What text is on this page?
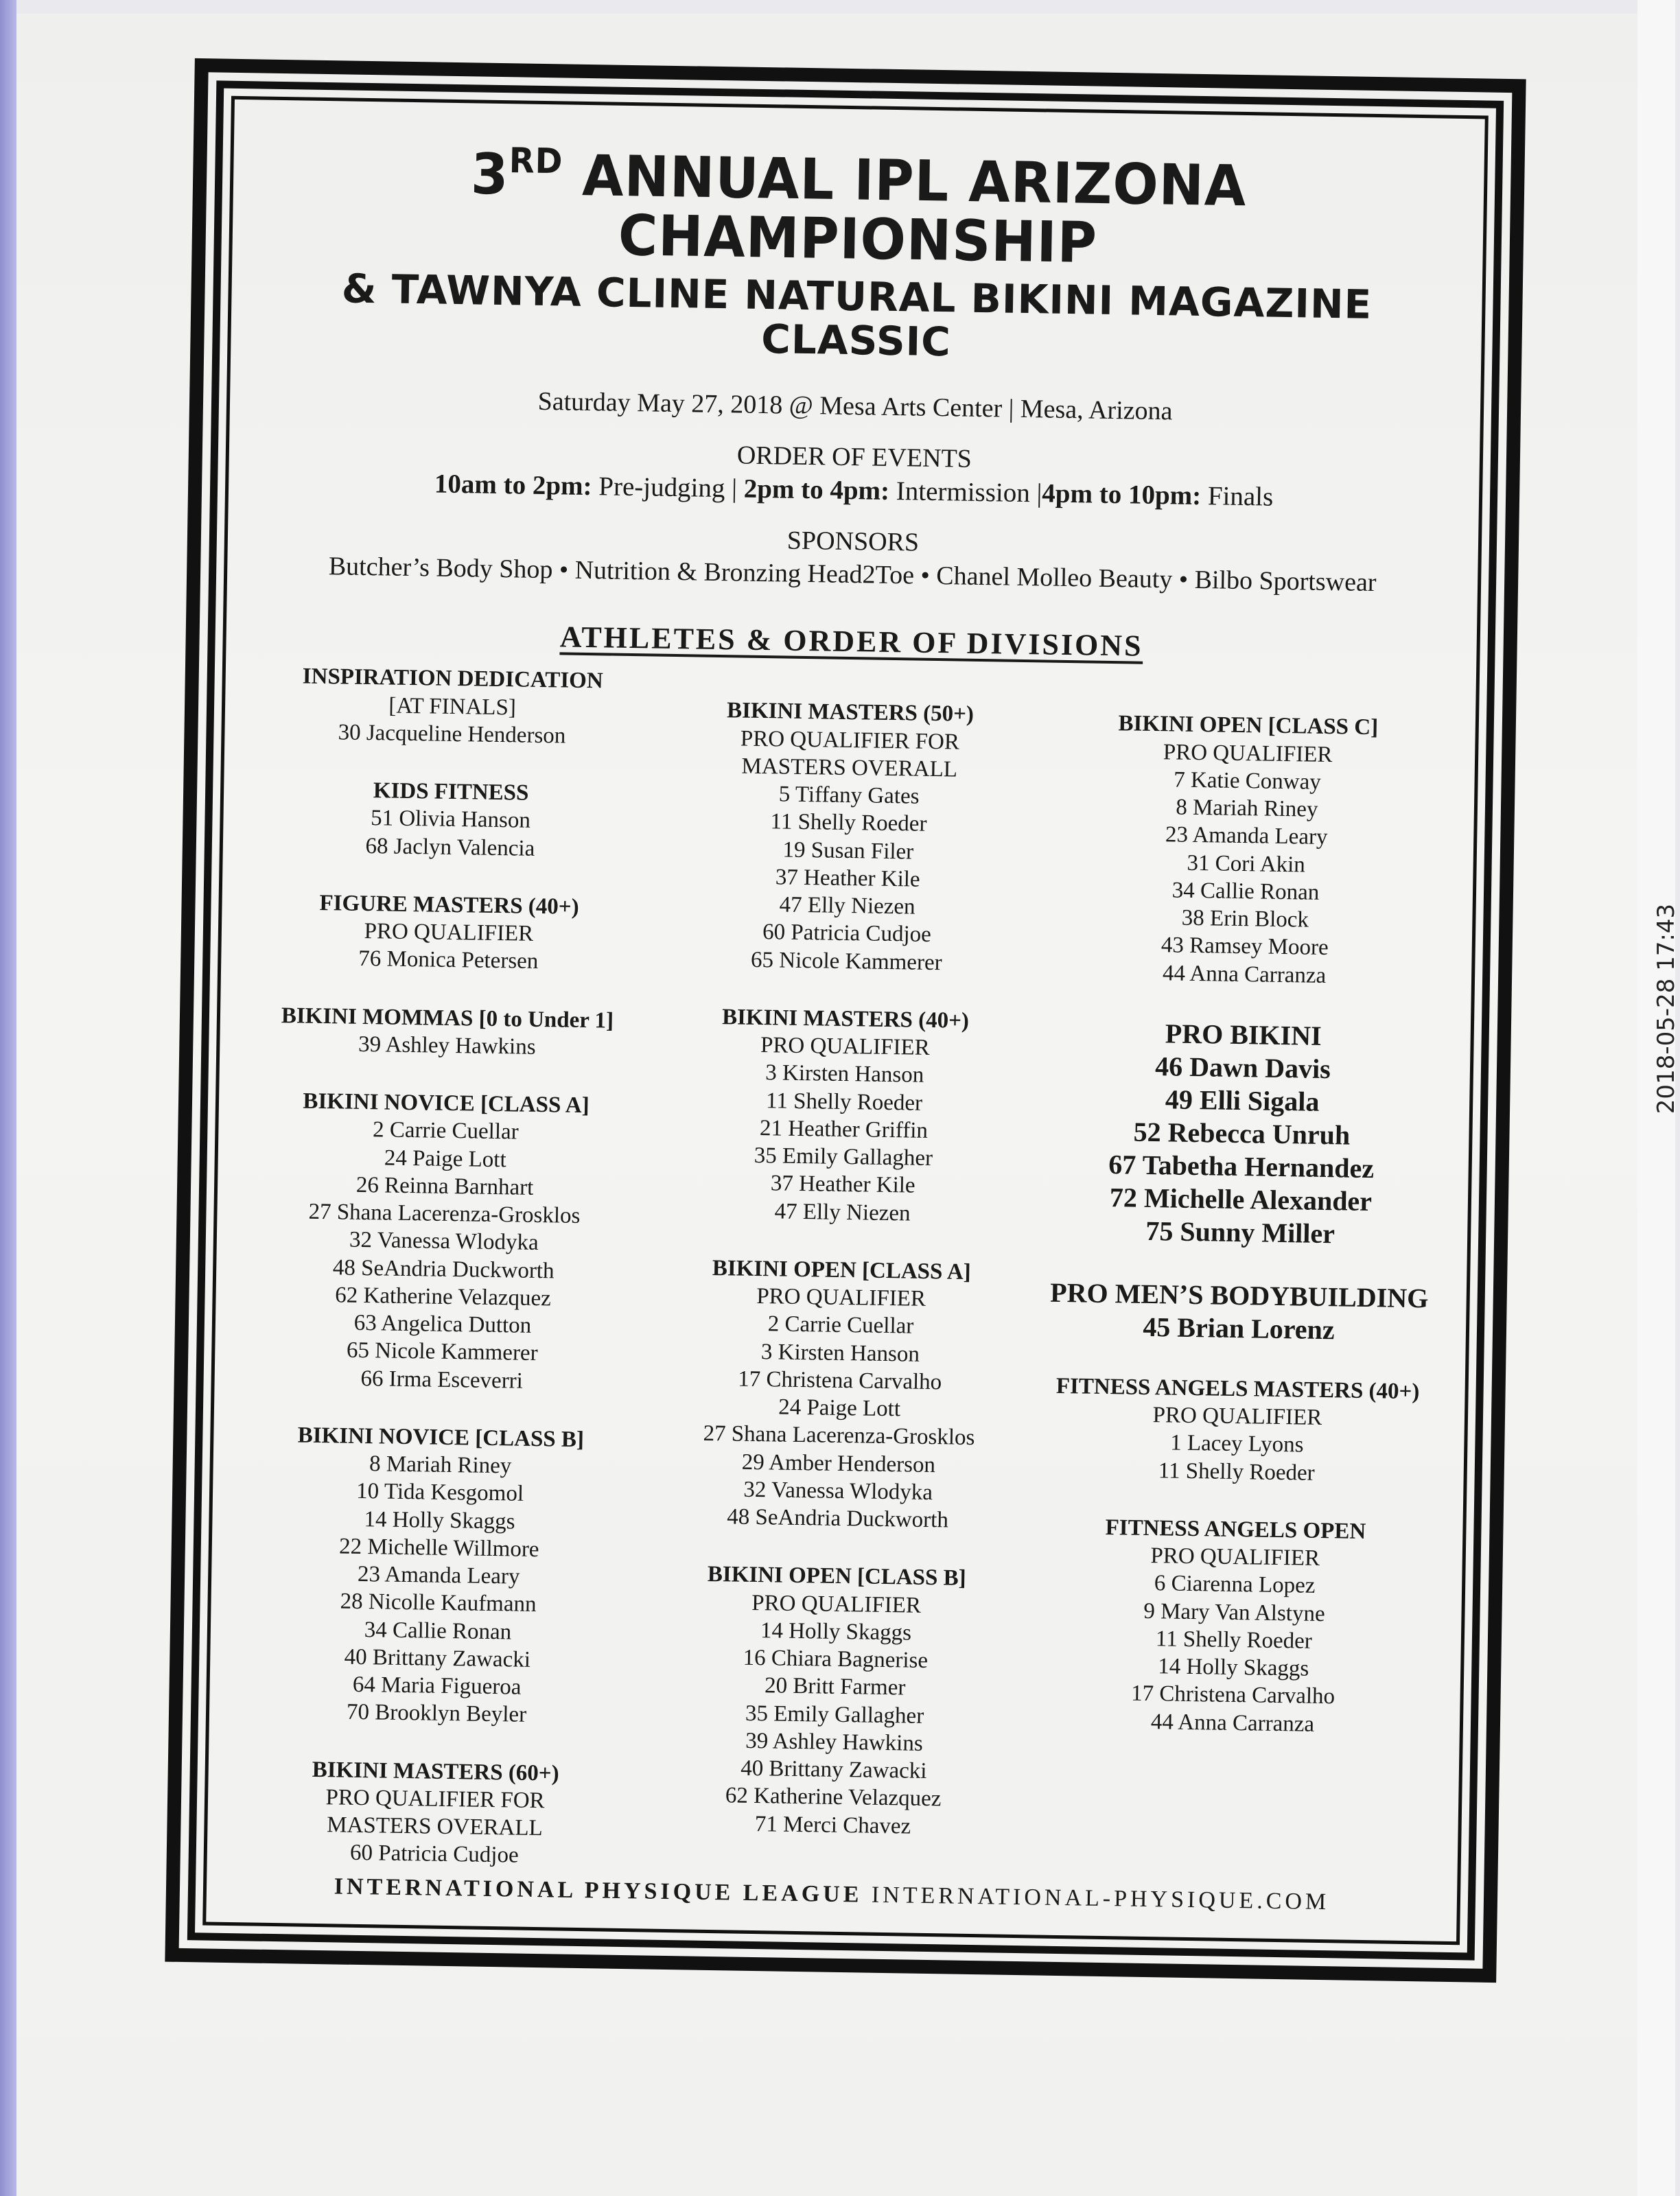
2018-05-28 17:43
3RD ANNUAL IPL ARIZONA CHAMPIONSHIP
& TAWNYA CLINE NATURAL BIKINI MAGAZINE CLASSIC
Saturday May 27, 2018 @ Mesa Arts Center | Mesa, Arizona
ORDER OF EVENTS
10am to 2pm: Pre-judging | 2pm to 4pm: Intermission |4pm to 10pm: Finals
SPONSORS
Butcher’s Body Shop • Nutrition & Bronzing Head2Toe • Chanel Molleo Beauty • Bilbo Sportswear
ATHLETES & ORDER OF DIVISIONS
INSPIRATION DEDICATION
[AT FINALS]
30 Jacqueline Henderson
KIDS FITNESS
51 Olivia Hanson
68 Jaclyn Valencia
FIGURE MASTERS (40+)
PRO QUALIFIER
76 Monica Petersen
BIKINI MOMMAS [0 to Under 1]
39 Ashley Hawkins
BIKINI NOVICE [CLASS A]
2 Carrie Cuellar
24 Paige Lott
26 Reinna Barnhart
27 Shana Lacerenza-Grosklos
32 Vanessa Wlodyka
48 SeAndria Duckworth
62 Katherine Velazquez
63 Angelica Dutton
65 Nicole Kammerer
66 Irma Esceverri
BIKINI NOVICE [CLASS B]
8 Mariah Riney
10 Tida Kesgomol
14 Holly Skaggs
22 Michelle Willmore
23 Amanda Leary
28 Nicolle Kaufmann
34 Callie Ronan
40 Brittany Zawacki
64 Maria Figueroa
70 Brooklyn Beyler
BIKINI MASTERS (60+)
PRO QUALIFIER FOR
MASTERS OVERALL
60 Patricia Cudjoe
BIKINI MASTERS (50+)
PRO QUALIFIER FOR
MASTERS OVERALL
5 Tiffany Gates
11 Shelly Roeder
19 Susan Filer
37 Heather Kile
47 Elly Niezen
60 Patricia Cudjoe
65 Nicole Kammerer
BIKINI MASTERS (40+)
PRO QUALIFIER
3 Kirsten Hanson
11 Shelly Roeder
21 Heather Griffin
35 Emily Gallagher
37 Heather Kile
47 Elly Niezen
BIKINI OPEN [CLASS A]
PRO QUALIFIER
2 Carrie Cuellar
3 Kirsten Hanson
17 Christena Carvalho
24 Paige Lott
27 Shana Lacerenza-Grosklos
29 Amber Henderson
32 Vanessa Wlodyka
48 SeAndria Duckworth
BIKINI OPEN [CLASS B]
PRO QUALIFIER
14 Holly Skaggs
16 Chiara Bagnerise
20 Britt Farmer
35 Emily Gallagher
39 Ashley Hawkins
40 Brittany Zawacki
62 Katherine Velazquez
71 Merci Chavez
BIKINI OPEN [CLASS C]
PRO QUALIFIER
7 Katie Conway
8 Mariah Riney
23 Amanda Leary
31 Cori Akin
34 Callie Ronan
38 Erin Block
43 Ramsey Moore
44 Anna Carranza
PRO BIKINI
46 Dawn Davis
49 Elli Sigala
52 Rebecca Unruh
67 Tabetha Hernandez
72 Michelle Alexander
75 Sunny Miller
PRO MEN’S BODYBUILDING
45 Brian Lorenz
FITNESS ANGELS MASTERS (40+)
PRO QUALIFIER
1 Lacey Lyons
11 Shelly Roeder
FITNESS ANGELS OPEN
PRO QUALIFIER
6 Ciarenna Lopez
9 Mary Van Alstyne
11 Shelly Roeder
14 Holly Skaggs
17 Christena Carvalho
44 Anna Carranza
INTERNATIONAL PHYSIQUE LEAGUE INTERNATIONAL-PHYSIQUE.COM
